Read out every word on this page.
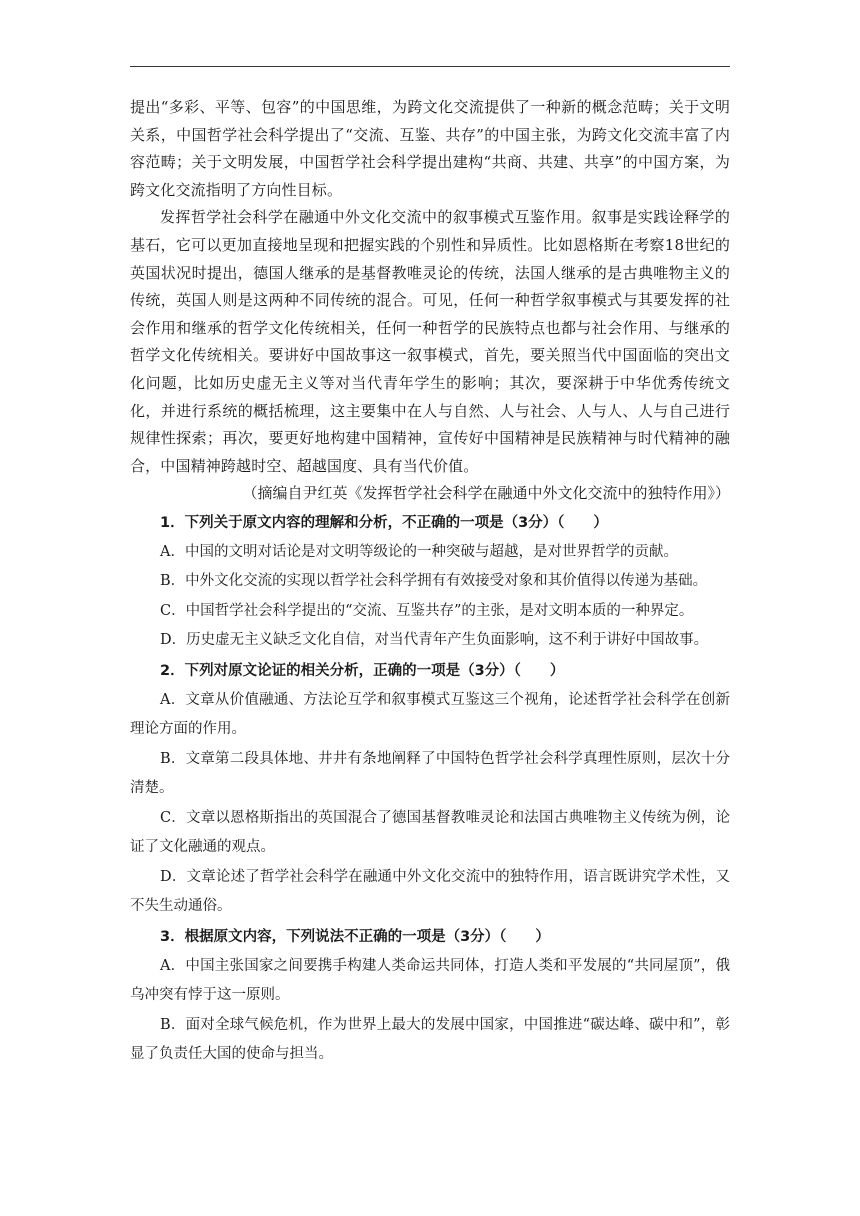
提出“多彩、平等、包容”的中国思维，为跨文化交流提供了一种新的概念范畴；关于文明关系，中国哲学社会科学提出了“交流、互鉴、共存”的中国主张，为跨文化交流丰富了内容范畴；关于文明发展，中国哲学社会科学提出建构“共商、共建、共享”的中国方案，为跨文化交流指明了方向性目标。

发挥哲学社会科学在融通中外文化交流中的叙事模式互鉴作用。叙事是实践诠释学的基石，它可以更加直接地呈现和把握实践的个别性和异质性。比如恩格斯在考察18世纪的英国状况时提出，德国人继承的是基督教唯灵论的传统，法国人继承的是古典唯物主义的传统，英国人则是这两种不同传统的混合。可见，任何一种哲学叙事模式与其要发挥的社会作用和继承的哲学文化传统相关，任何一种哲学的民族特点也都与社会作用、与继承的哲学文化传统相关。要讲好中国故事这一叙事模式，首先，要关照当代中国面临的突出文化问题，比如历史虚无主义等对当代青年学生的影响；其次，要深耕于中华优秀传统文化，并进行系统的概括梳理，这主要集中在人与自然、人与社会、人与人、人与自己进行规律性探索；再次，要更好地构建中国精神，宣传好中国精神是民族精神与时代精神的融合，中国精神跨越时空、超越国度、具有当代价值。

（摘编自尹红英《发挥哲学社会科学在融通中外文化交流中的独特作用》）

1．下列关于原文内容的理解和分析，不正确的一项是（3分）（　　）

A．中国的文明对话论是对文明等级论的一种突破与超越，是对世界哲学的贡献。

B．中外文化交流的实现以哲学社会科学拥有有效接受对象和其价值得以传递为基础。

C．中国哲学社会科学提出的“交流、互鉴共存”的主张，是对文明本质的一种界定。

D．历史虚无主义缺乏文化自信，对当代青年产生负面影响，这不利于讲好中国故事。

2．下列对原文论证的相关分析，正确的一项是（3分）（　　）

A．文章从价值融通、方法论互学和叙事模式互鉴这三个视角，论述哲学社会科学在创新理论方面的作用。

B．文章第二段具体地、井井有条地阐释了中国特色哲学社会科学真理性原则，层次十分清楚。

C．文章以恩格斯指出的英国混合了德国基督教唯灵论和法国古典唯物主义传统为例，论证了文化融通的观点。

D．文章论述了哲学社会科学在融通中外文化交流中的独特作用，语言既讲究学术性，又不失生动通俗。

3．根据原文内容，下列说法不正确的一项是（3分）（　　）

A．中国主张国家之间要携手构建人类命运共同体，打造人类和平发展的“共同屋顶”，俄乌冲突有悖于这一原则。

B．面对全球气候危机，作为世界上最大的发展中国家，中国推进“碳达峰、碳中和”，彰显了负责任大国的使命与担当。
